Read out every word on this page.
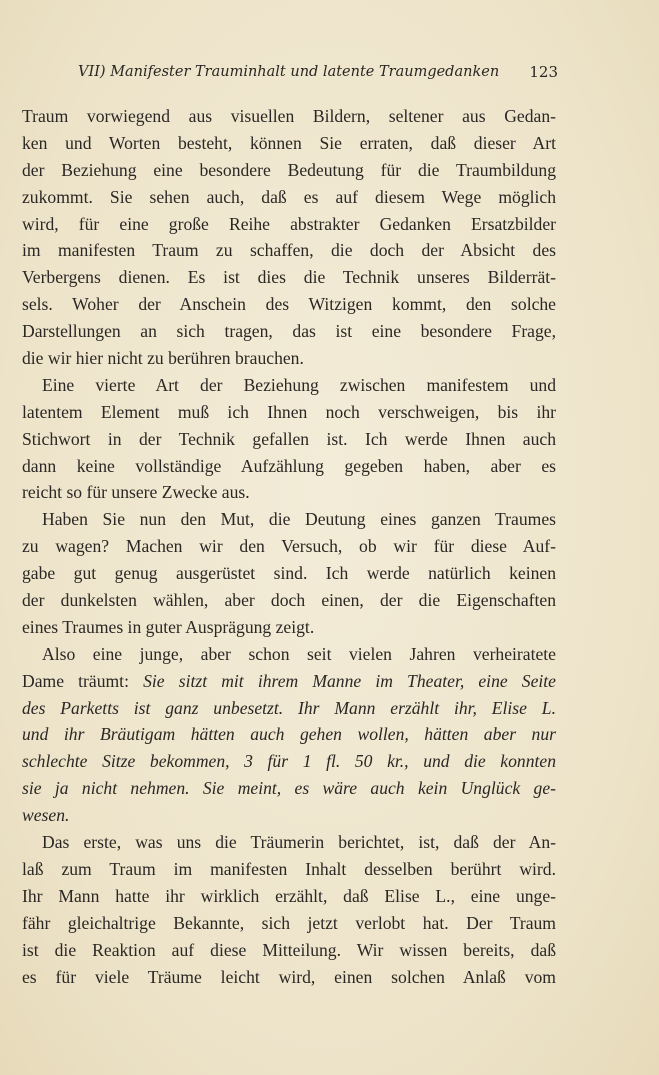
VII) Manifester Trauminhalt und latente Traumgedanken 123
Traum vorwiegend aus visuellen Bildern, seltener aus Gedan-
ken und Worten besteht, können Sie erraten, daß dieser Art
der Beziehung eine besondere Bedeutung für die Traumbildung
zukommt. Sie sehen auch, daß es auf diesem Wege möglich
wird, für eine große Reihe abstrakter Gedanken Ersatzbilder
im manifesten Traum zu schaffen, die doch der Absicht des
Verbergens dienen. Es ist dies die Technik unseres Bilderrät-
sels. Woher der Anschein des Witzigen kommt, den solche
Darstellungen an sich tragen, das ist eine besondere Frage,
die wir hier nicht zu berühren brauchen.
Eine vierte Art der Beziehung zwischen manifestem und
latentem Element muß ich Ihnen noch verschweigen, bis ihr
Stichwort in der Technik gefallen ist. Ich werde Ihnen auch
dann keine vollständige Aufzählung gegeben haben, aber es
reicht so für unsere Zwecke aus.
Haben Sie nun den Mut, die Deutung eines ganzen Traumes
zu wagen? Machen wir den Versuch, ob wir für diese Auf-
gabe gut genug ausgerüstet sind. Ich werde natürlich keinen
der dunkelsten wählen, aber doch einen, der die Eigenschaften
eines Traumes in guter Ausprägung zeigt.
Also eine junge, aber schon seit vielen Jahren verheiratete
Dame träumt: Sie sitzt mit ihrem Manne im Theater, eine Seite
des Parketts ist ganz unbesetzt. Ihr Mann erzählt ihr, Elise L.
und ihr Bräutigam hätten auch gehen wollen, hätten aber nur
schlechte Sitze bekommen, 3 für 1 fl. 50 kr., und die konnten
sie ja nicht nehmen. Sie meint, es wäre auch kein Unglück ge-
wesen.
Das erste, was uns die Träumerin berichtet, ist, daß der An-
laß zum Traum im manifesten Inhalt desselben berührt wird.
Ihr Mann hatte ihr wirklich erzählt, daß Elise L., eine unge-
fähr gleichaltrige Bekannte, sich jetzt verlobt hat. Der Traum
ist die Reaktion auf diese Mitteilung. Wir wissen bereits, daß
es für viele Träume leicht wird, einen solchen Anlaß vom
